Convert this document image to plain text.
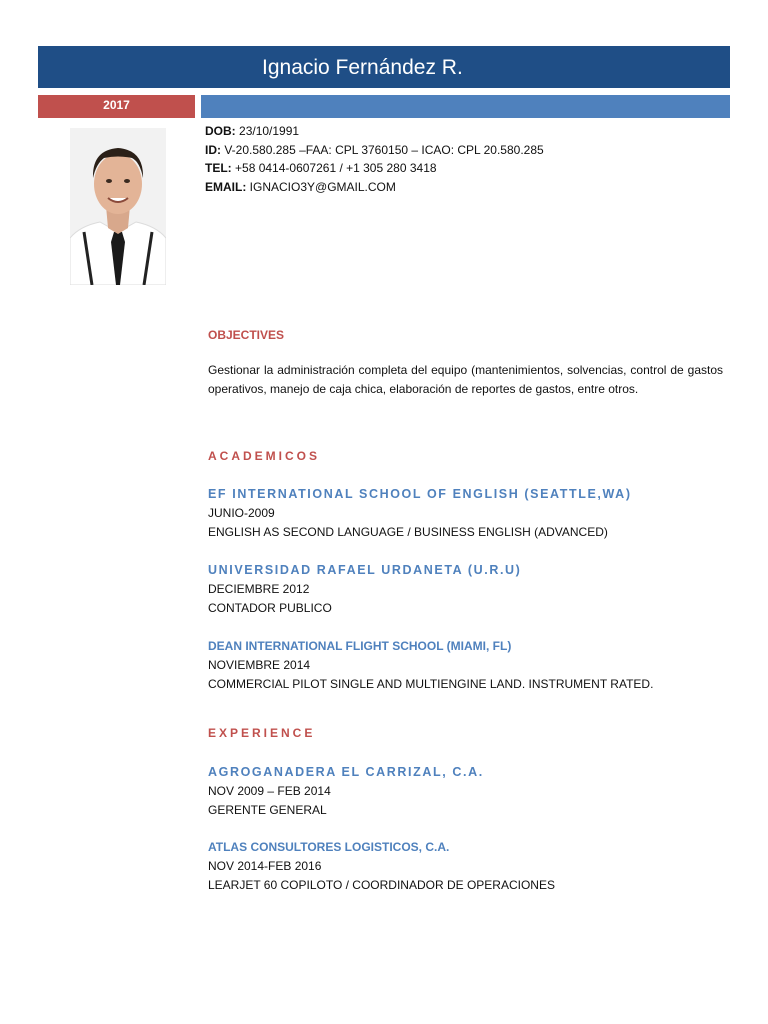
Ignacio Fernández R.
2017
DOB: 23/10/1991
ID: V-20.580.285 –FAA: CPL 3760150 – ICAO: CPL 20.580.285
TEL: +58 0414-0607261 / +1 305 280 3418
EMAIL: IGNACIO3Y@GMAIL.COM
OBJECTIVES
Gestionar la administración completa del equipo (mantenimientos, solvencias, control de gastos operativos, manejo de caja chica, elaboración de reportes de gastos, entre otros.
ACADEMICOS
EF INTERNATIONAL SCHOOL OF ENGLISH (SEATTLE,WA)
JUNIO-2009
ENGLISH AS SECOND LANGUAGE / BUSINESS ENGLISH (ADVANCED)
UNIVERSIDAD RAFAEL URDANETA (U.R.U)
DECIEMBRE 2012
CONTADOR PUBLICO
DEAN INTERNATIONAL FLIGHT SCHOOL (MIAMI, FL)
NOVIEMBRE 2014
COMMERCIAL PILOT SINGLE AND MULTIENGINE LAND. INSTRUMENT RATED.
EXPERIENCE
AGROGANADERA EL CARRIZAL, C.A.
NOV 2009 – FEB 2014
GERENTE GENERAL
ATLAS CONSULTORES LOGISTICOS, C.A.
NOV 2014-FEB 2016
LEARJET 60 COPILOTO / COORDINADOR DE OPERACIONES
